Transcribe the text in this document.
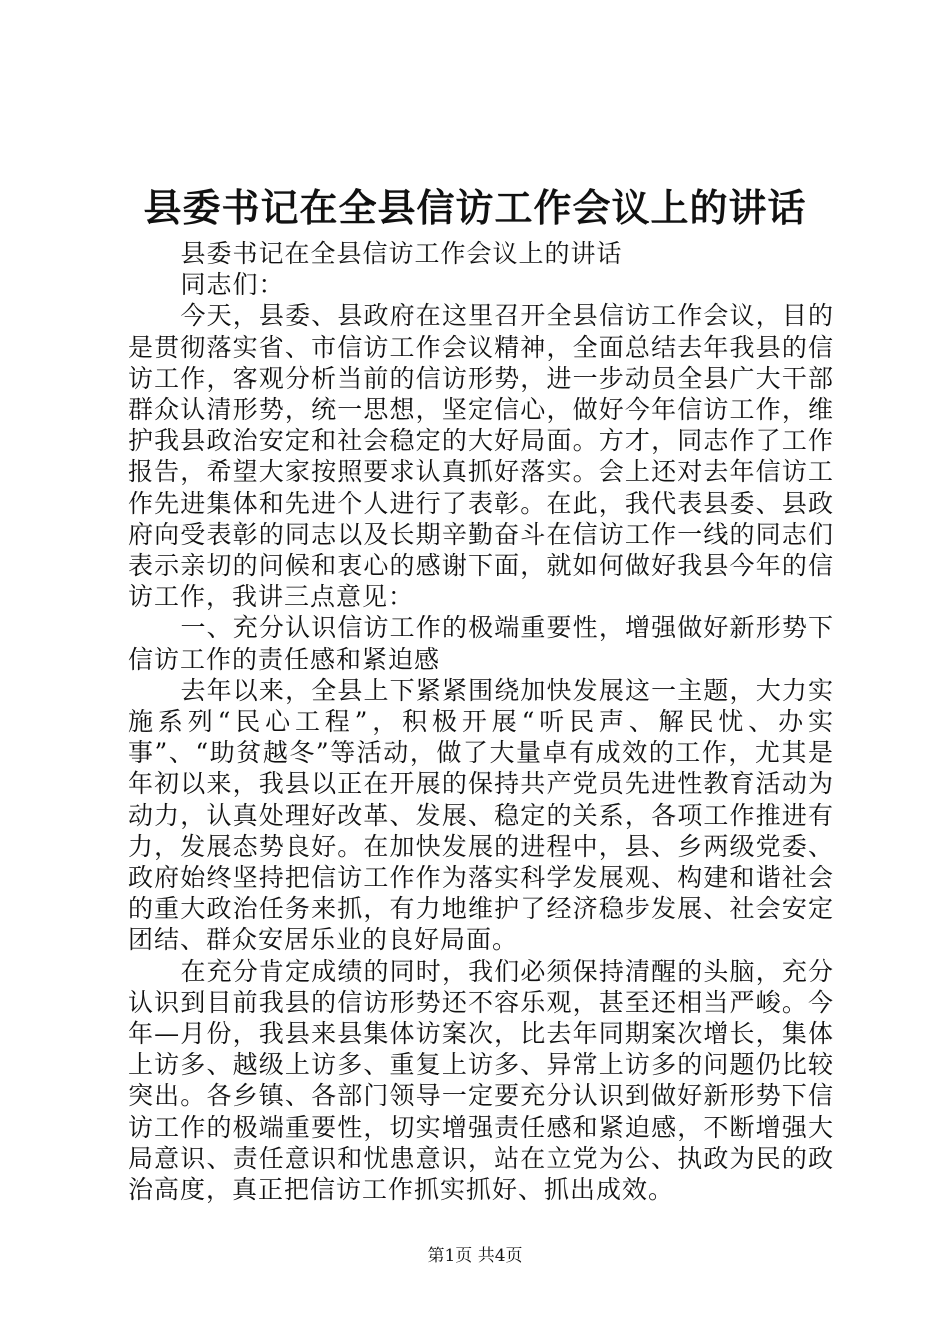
县委书记在全县信访工作会议上的讲话

县委书记在全县信访工作会议上的讲话

同志们：

今天，县委、县政府在这里召开全县信访工作会议，目的是贯彻落实省、市信访工作会议精神，全面总结去年我县的信访工作，客观分析当前的信访形势，进一步动员全县广大干部群众认清形势，统一思想，坚定信心，做好今年信访工作，维护我县政治安定和社会稳定的大好局面。方才，同志作了工作报告，希望大家按照要求认真抓好落实。会上还对去年信访工作先进集体和先进个人进行了表彰。在此，我代表县委、县政府向受表彰的同志以及长期辛勤奋斗在信访工作一线的同志们表示亲切的问候和衷心的感谢下面，就如何做好我县今年的信访工作，我讲三点意见：

一、充分认识信访工作的极端重要性，增强做好新形势下信访工作的责任感和紧迫感

去年以来，全县上下紧紧围绕加快发展这一主题，大力实施系列“民心工程”，积极开展“听民声、解民忧、办实事”、“助贫越冬”等活动，做了大量卓有成效的工作，尤其是年初以来，我县以正在开展的保持共产党员先进性教育活动为动力，认真处理好改革、发展、稳定的关系，各项工作推进有力，发展态势良好。在加快发展的进程中，县、乡两级党委、政府始终坚持把信访工作作为落实科学发展观、构建和谐社会的重大政治任务来抓，有力地维护了经济稳步发展、社会安定团结、群众安居乐业的良好局面。

在充分肯定成绩的同时，我们必须保持清醒的头脑，充分认识到目前我县的信访形势还不容乐观，甚至还相当严峻。今年—月份，我县来县集体访案次，比去年同期案次增长，集体上访多、越级上访多、重复上访多、异常上访多的问题仍比较突出。各乡镇、各部门领导一定要充分认识到做好新形势下信访工作的极端重要性，切实增强责任感和紧迫感，不断增强大局意识、责任意识和忧患意识，站在立党为公、执政为民的政治高度，真正把信访工作抓实抓好、抓出成效。

第1页 共4页
